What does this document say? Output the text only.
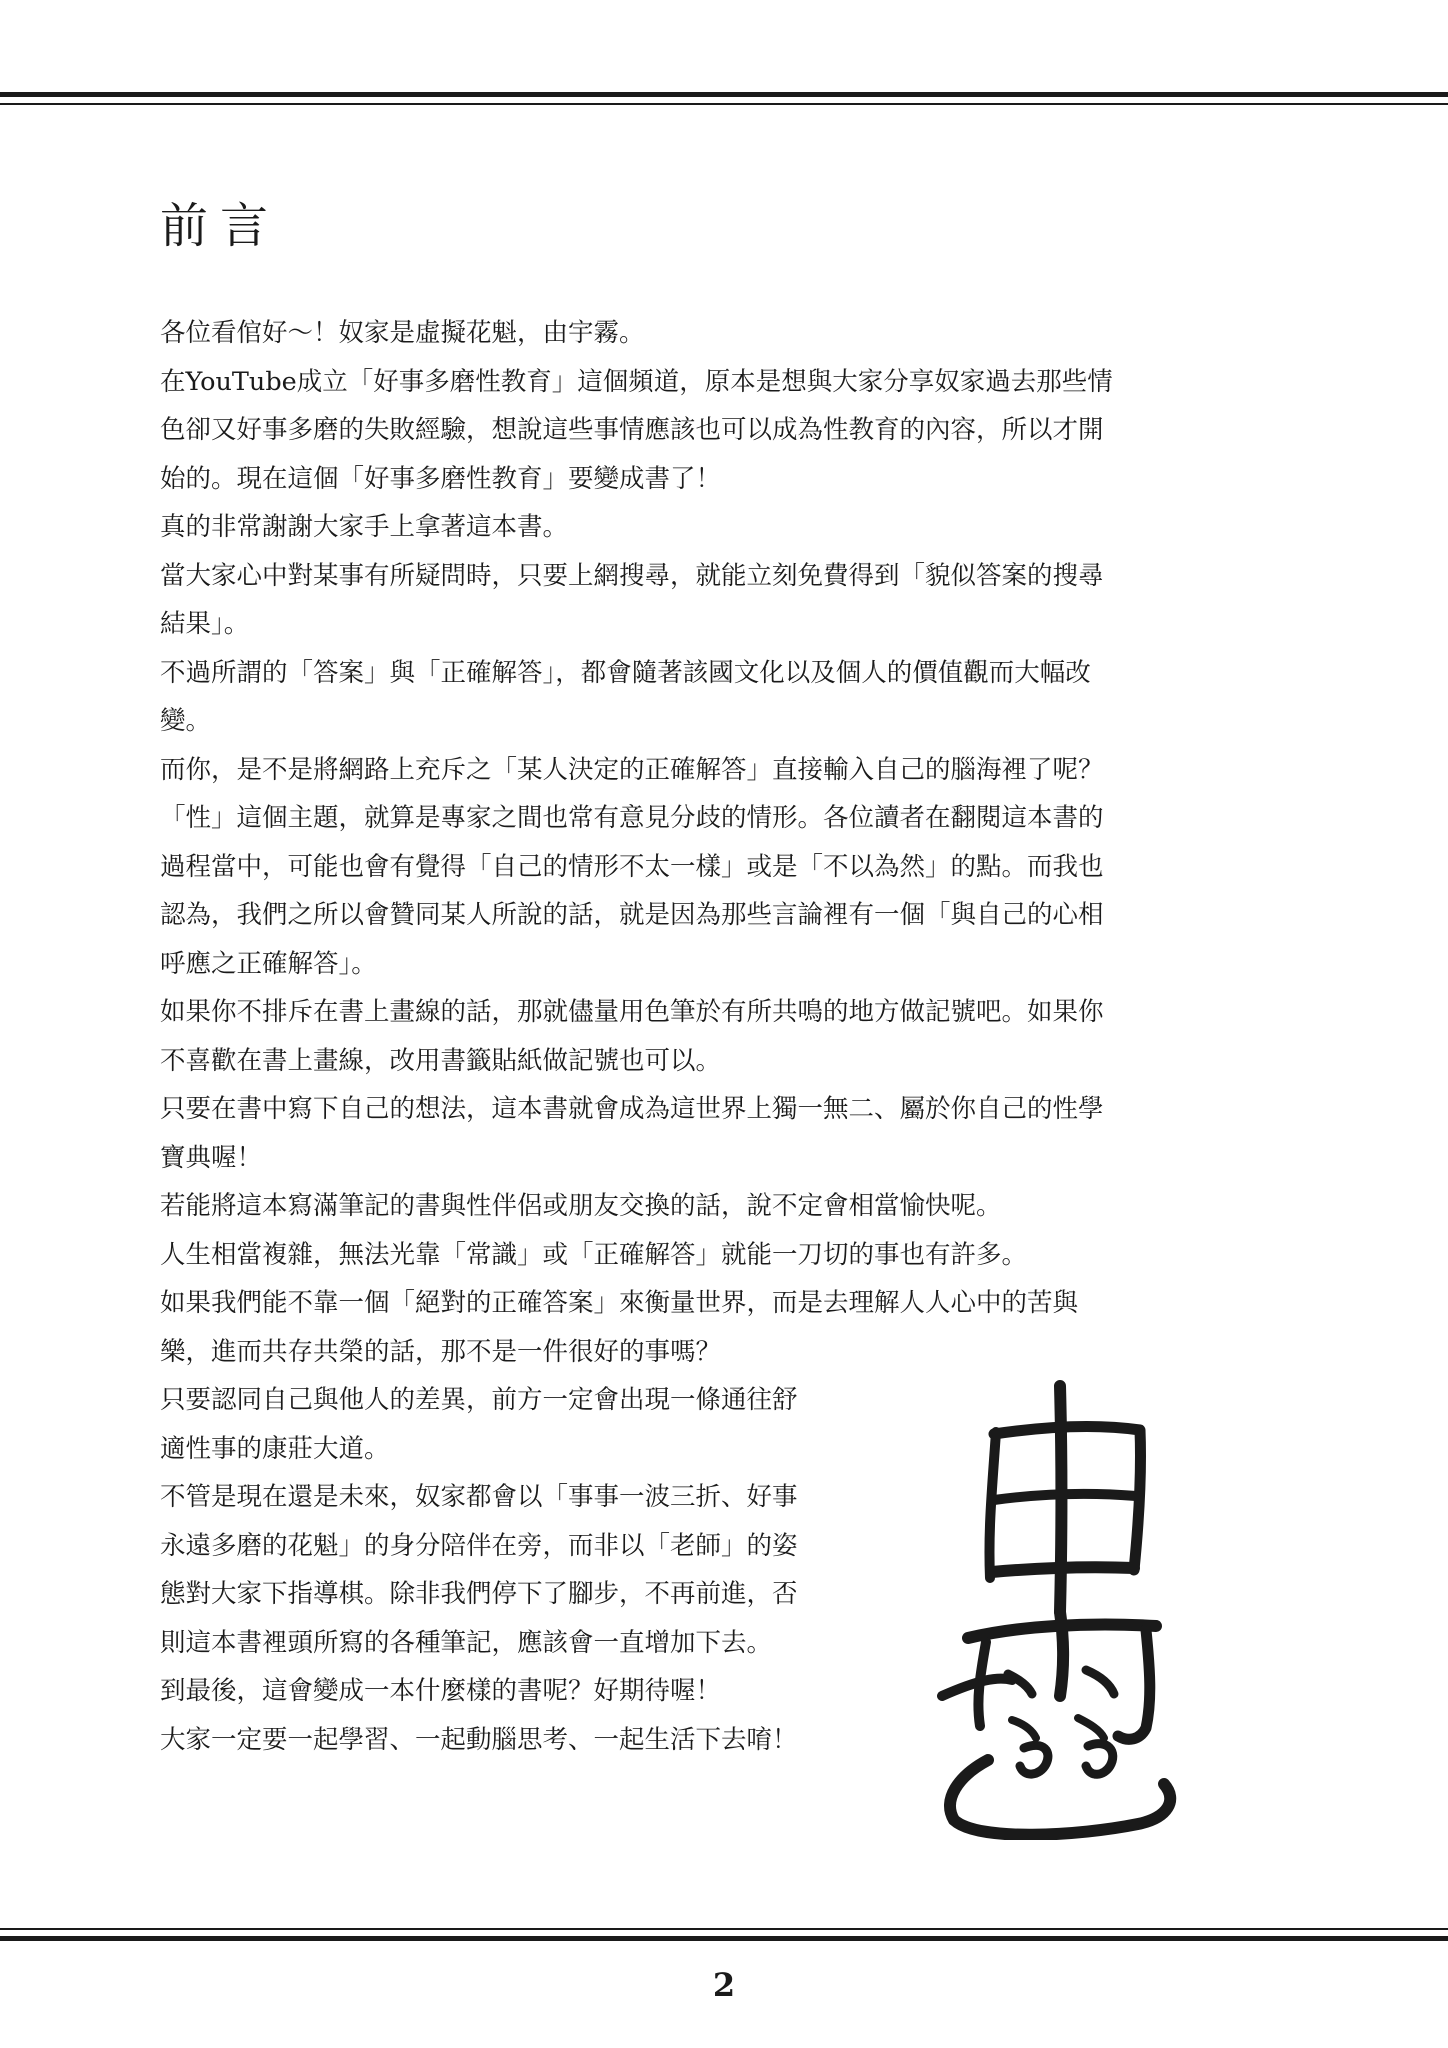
前言
各位看倌好～！奴家是虛擬花魁，由宇霧。
在YouTube成立「好事多磨性教育」這個頻道，原本是想與大家分享奴家過去那些情
色卻又好事多磨的失敗經驗，想說這些事情應該也可以成為性教育的內容，所以才開
始的。現在這個「好事多磨性教育」要變成書了！
真的非常謝謝大家手上拿著這本書。
當大家心中對某事有所疑問時，只要上網搜尋，就能立刻免費得到「貌似答案的搜尋
結果」。
不過所謂的「答案」與「正確解答」，都會隨著該國文化以及個人的價值觀而大幅改
變。
而你，是不是將網路上充斥之「某人決定的正確解答」直接輸入自己的腦海裡了呢？
「性」這個主題，就算是專家之間也常有意見分歧的情形。各位讀者在翻閱這本書的
過程當中，可能也會有覺得「自己的情形不太一樣」或是「不以為然」的點。而我也
認為，我們之所以會贊同某人所說的話，就是因為那些言論裡有一個「與自己的心相
呼應之正確解答」。
如果你不排斥在書上畫線的話，那就儘量用色筆於有所共鳴的地方做記號吧。如果你
不喜歡在書上畫線，改用書籤貼紙做記號也可以。
只要在書中寫下自己的想法，這本書就會成為這世界上獨一無二、屬於你自己的性學
寶典喔！
若能將這本寫滿筆記的書與性伴侶或朋友交換的話，說不定會相當愉快呢。
人生相當複雜，無法光靠「常識」或「正確解答」就能一刀切的事也有許多。
如果我們能不靠一個「絕對的正確答案」來衡量世界，而是去理解人人心中的苦與
樂，進而共存共榮的話，那不是一件很好的事嗎？
只要認同自己與他人的差異，前方一定會出現一條通往舒
適性事的康莊大道。
不管是現在還是未來，奴家都會以「事事一波三折、好事
永遠多磨的花魁」的身分陪伴在旁，而非以「老師」的姿
態對大家下指導棋。除非我們停下了腳步，不再前進，否
則這本書裡頭所寫的各種筆記，應該會一直增加下去。
到最後，這會變成一本什麼樣的書呢？好期待喔！
大家一定要一起學習、一起動腦思考、一起生活下去唷！
2
